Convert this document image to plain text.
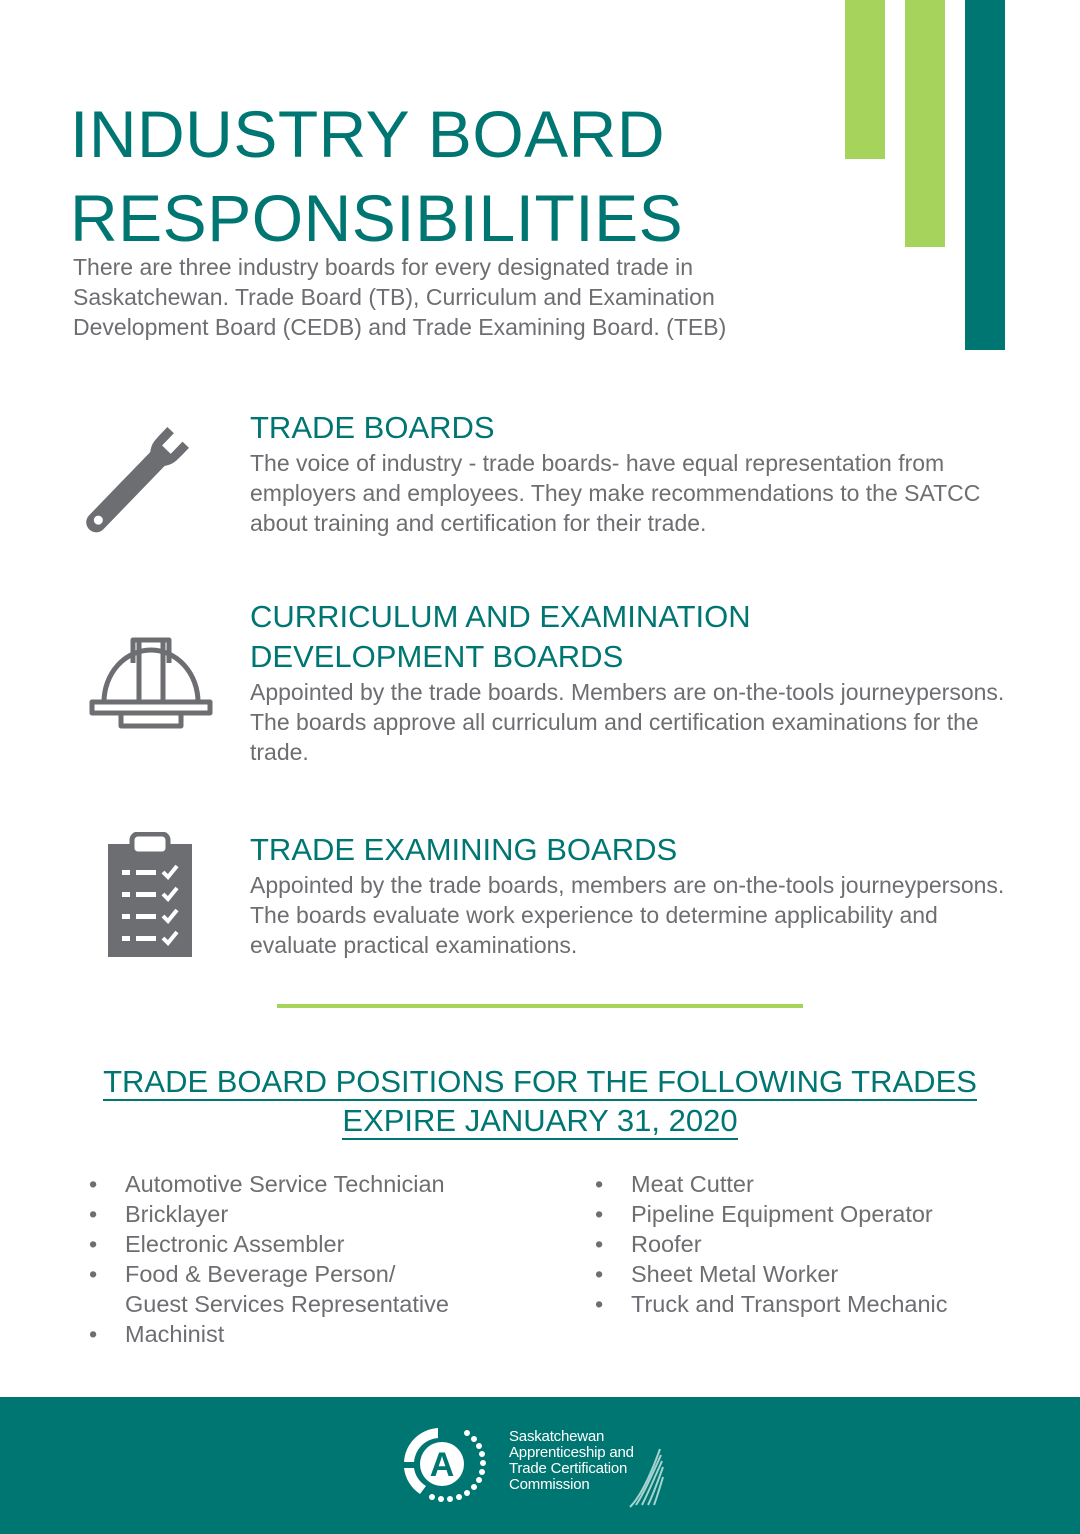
INDUSTRY BOARD
RESPONSIBILITIES

There are three industry boards for every designated trade in Saskatchewan. Trade Board (TB), Curriculum and Examination Development Board (CEDB) and Trade Examining Board. (TEB)

TRADE BOARDS

The voice of industry - trade boards- have equal representation from employers and employees. They make recommendations to the SATCC about training and certification for their trade.

CURRICULUM AND EXAMINATION
DEVELOPMENT BOARDS

Appointed by the trade boards. Members are on-the-tools journeypersons. The boards approve all curriculum and certification examinations for the trade.

TRADE EXAMINING BOARDS

Appointed by the trade boards, members are on-the-tools journeypersons. The boards evaluate work experience to determine applicability and evaluate practical examinations.

TRADE BOARD POSITIONS FOR THE FOLLOWING TRADES
EXPIRE JANUARY 31, 2020
• Automotive Service Technician
• Bricklayer
• Electronic Assembler
• Food & Beverage Person/
Guest Services Representative
• Machinist
• Meat Cutter
• Pipeline Equipment Operator
• Roofer
• Sheet Metal Worker
• Truck and Transport Mechanic
A

Saskatchewan
Apprenticeship and
Trade Certification
Commission
